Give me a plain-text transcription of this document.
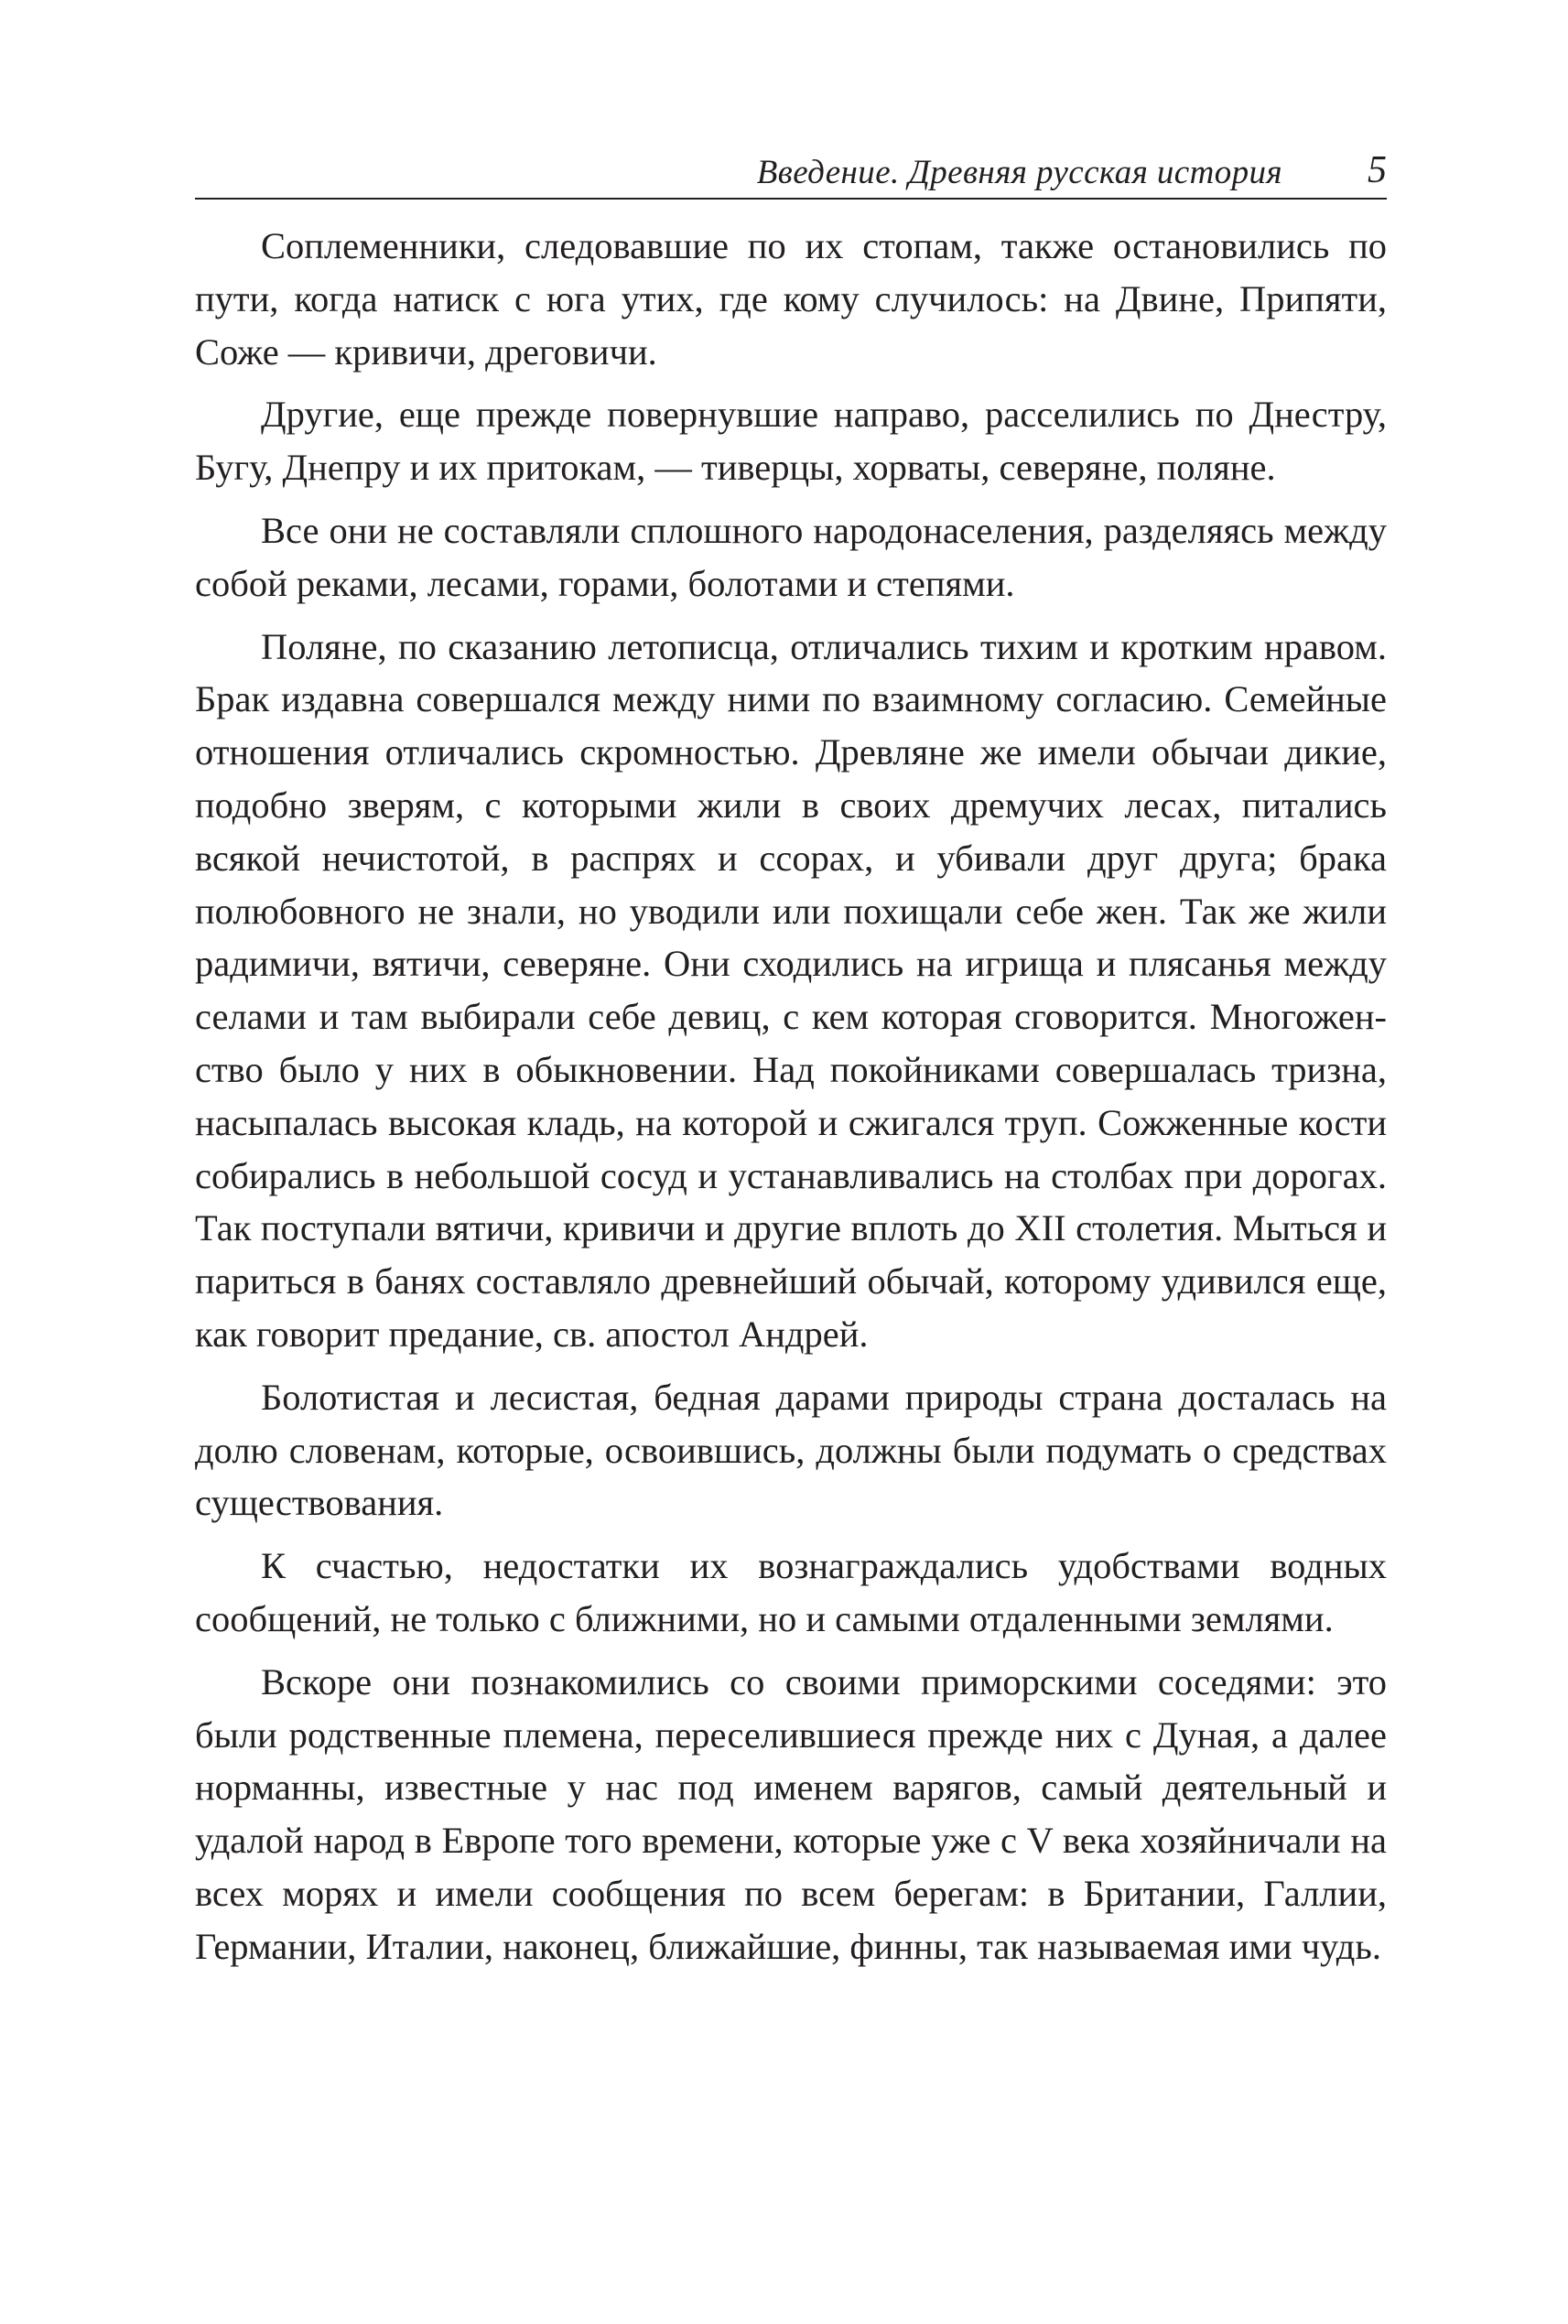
Введение. Древняя русская история 5

Соплеменники, следовавшие по их стопам, также остановились по пути, когда натиск с юга утих, где кому случилось: на Двине, Припяти, Соже — кривичи, дреговичи.

Другие, еще прежде повернувшие направо, расселились по Днестру, Бугу, Днепру и их притокам, — тиверцы, хорваты, северяне, поляне.

Все они не составляли сплошного народонаселения, разделяясь между собой реками, лесами, горами, болотами и степями.

Поляне, по сказанию летописца, отличались тихим и кротким нравом. Брак издавна совершался между ними по взаимному согласию. Семейные отношения отличались скромностью. Древляне же имели обычаи дикие, подобно зверям, с которыми жили в своих дремучих лесах, питались всякой нечистотой, в распрях и ссорах, и убивали друг друга; брака полюбовного не знали, но уводили или похищали себе жен. Так же жили радимичи, вятичи, северяне. Они сходились на игрища и плясанья между селами и там выбирали себе девиц, с кем которая сговорится. Многоженство было у них в обыкновении. Над покойниками совершалась тризна, насыпалась высокая кладь, на которой и сжигался труп. Сожженные кости собирались в небольшой сосуд и устанавливались на столбах при дорогах. Так поступали вятичи, кривичи и другие вплоть до XII столетия. Мыться и париться в банях составляло древнейший обычай, которому удивился еще, как говорит предание, св. апостол Андрей.

Болотистая и лесистая, бедная дарами природы страна досталась на долю словенам, которые, освоившись, должны были подумать о средствах существования.

К счастью, недостатки их вознаграждались удобствами водных сообщений, не только с ближними, но и самыми отдаленными землями.

Вскоре они познакомились со своими приморскими соседями: это были родственные племена, переселившиеся прежде них с Дуная, а далее норманны, известные у нас под именем варягов, самый деятельный и удалой народ в Европе того времени, которые уже с V века хозяйничали на всех морях и имели сообщения по всем берегам: в Британии, Галлии, Германии, Италии, наконец, ближайшие, финны, так называемая ими чудь.
